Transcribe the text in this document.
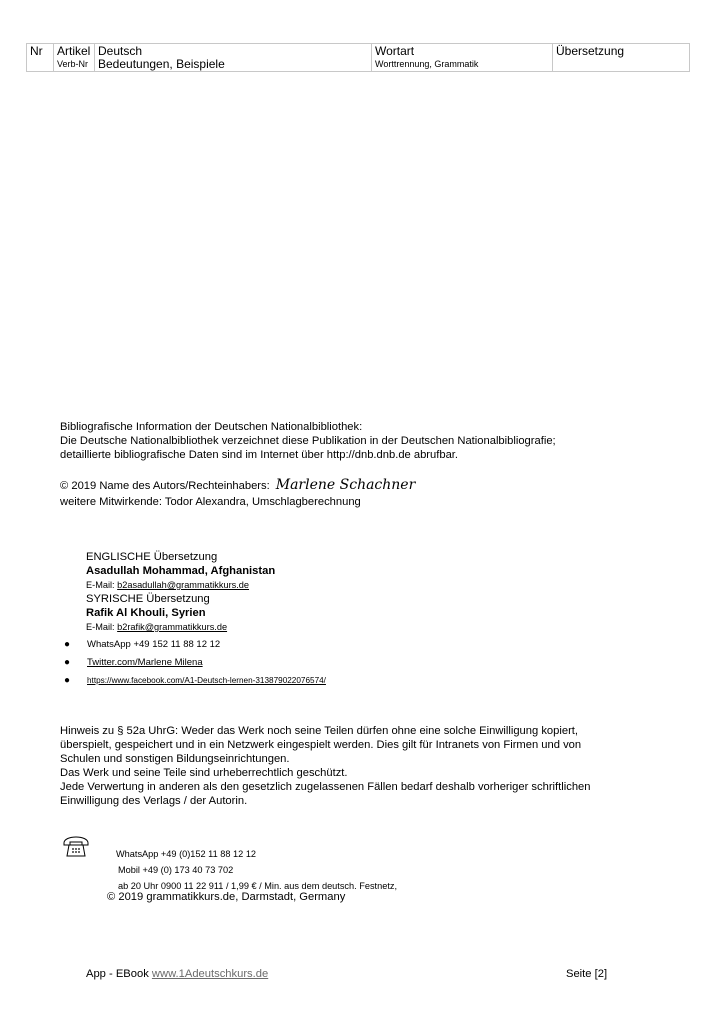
Nr Artikel
Verb-Nr
Deutsch
Bedeutungen, Beispiele
Wortart
Worttrennung, Grammatik
Übersetzung
Bibliografische Information der Deutschen Nationalbibliothek:
Die Deutsche Nationalbibliothek verzeichnet diese Publikation in der Deutschen Nationalbibliografie;
detaillierte bibliografische Daten sind im Internet über http://dnb.dnb.de abrufbar.
© 2019 Name des Autors/Rechteinhabers: Marlene Schachner
weitere Mitwirkende: Todor Alexandra, Umschlagberechnung
ENGLISCHE Übersetzung
Asadullah Mohammad, Afghanistan
E-Mail: b2asadullah@grammatikkurs.de
SYRISCHE Übersetzung
Rafik Al Khouli, Syrien
E-Mail: b2rafik@grammatikkurs.de
● WhatsApp +49 152 11 88 12 12
● Twitter.com/Marlene Milena
● https://www.facebook.com/A1-Deutsch-lernen-313879022076574/
Hinweis zu § 52a UhrG: Weder das Werk noch seine Teilen dürfen ohne eine solche Einwilligung kopiert,
überspielt, gespeichert und in ein Netzwerk eingespielt werden. Dies gilt für Intranets von Firmen und von
Schulen und sonstigen Bildungseinrichtungen.
Das Werk und seine Teile sind urheberrechtlich geschützt.
Jede Verwertung in anderen als den gesetzlich zugelassenen Fällen bedarf deshalb vorheriger schriftlichen
Einwilligung des Verlags / der Autorin.
WhatsApp +49 (0)152 11 88 12 12
Mobil +49 (0) 173 40 73 702
ab 20 Uhr 0900 11 22 911 / 1,99 € / Min. aus dem deutsch. Festnetz,
© 2019 grammatikkurs.de, Darmstadt, Germany
App - EBook www.1Adeutschkurs.de	Seite [2]
